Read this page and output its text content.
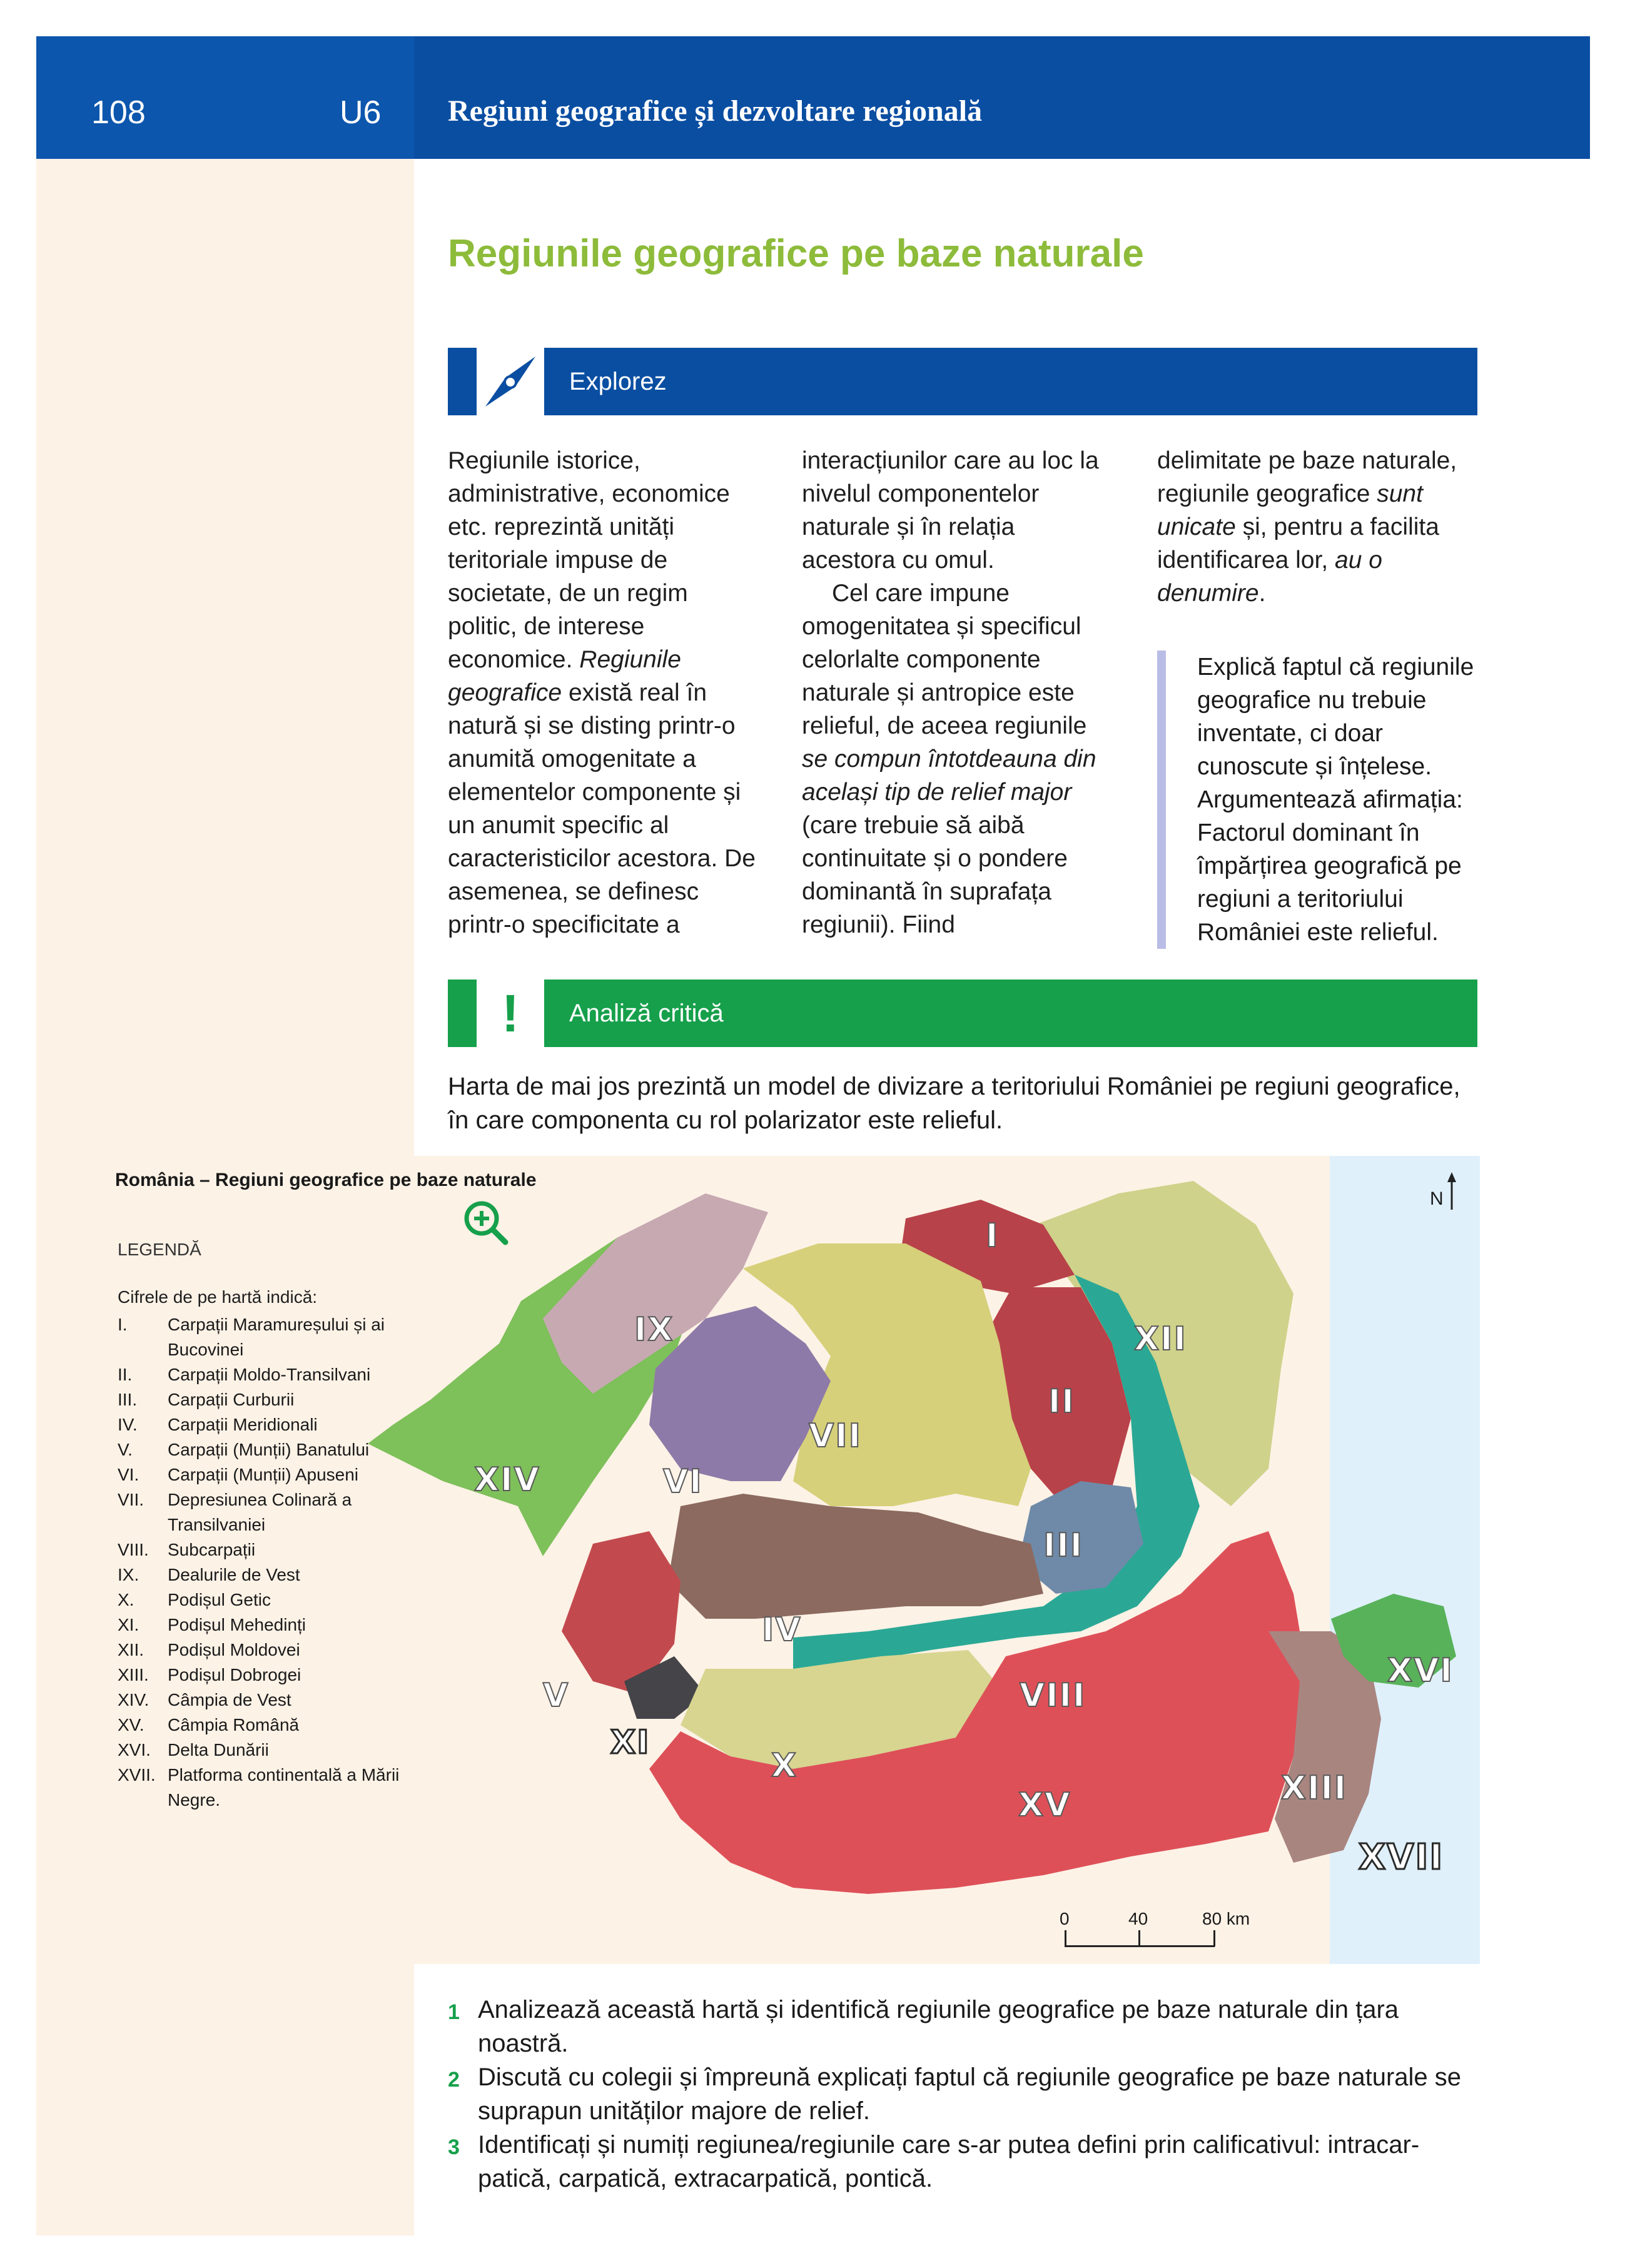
108	U6 Regiuni geografice și dezvoltare regională
Regiunile geografice pe baze naturale
Explorez

Regiunile istorice, administrative, economice etc. reprezintă unități teritoriale impuse de societate, de un regim politic, de interese economice. Regiunile geografice există real în natură și se disting printr-o anumită omogenitate a elementelor componente și un anumit specific al caracteristicilor acestora. De asemenea, se definesc printr-o specificitate a

interacțiunilor care au loc la nivelul componentelor naturale și în relația acestora cu omul.

Cel care impune omogenitatea și specificul celorlalte componente naturale și antropice este relieful, de aceea regiunile se compun întotdeauna din același tip de relief major (care trebuie să aibă continuitate și o pondere dominantă în suprafața regiunii). Fiind

delimitate pe baze naturale, regiunile geografice sunt unicate și, pentru a facilita identificarea lor, au o denumire.

Explică faptul că regiunile geografice nu trebuie inventate, ci doar cunoscute și înțelese. Argumentează afirmația: Factorul dominant în împărțirea geografică pe regiuni a teritoriului României este relieful.
!	Analiză critică
Harta de mai jos prezintă un model de divizare a teritoriului României pe regiuni geografice, în care componenta cu rol polarizator este relieful.
I
II
III
IV
V
VI
VII
VIII
IX
X
XI
XII
XIII
XIV
XV
XVI
XVII
România – Regiuni geografice pe baze naturale
N
LEGENDĂ
Cifrele de pe hartă indică:
I.	Carpații Maramureșului și ai Bucovinei
II.	Carpații Moldo-Transilvani
III.	Carpații Curburii
IV.	Carpații Meridionali
V.	Carpații (Munții) Banatului
VI.	Carpații (Munții) Apuseni
VII.	Depresiunea Colinară a Transilvaniei
VIII.	Subcarpații
IX.	Dealurile de Vest
X.	Podișul Getic
XI.	Podișul Mehedinți
XII.	Podișul Moldovei
XIII.	Podișul Dobrogei
XIV.	Câmpia de Vest
XV.	Câmpia Română
XVI. Delta Dunării
XVII. Platforma continentală a Mării Negre.
0	40	80 km
1 Analizează această hartă și identifică regiunile geografice pe baze naturale din țara noastră.
2 Discută cu colegii și împreună explicați faptul că regiunile geografice pe baze naturale se suprapun unităților majore de relief.
3 Identificați și numiți regiunea/regiunile care s-ar putea defini prin calificativul: intracar-patică, carpatică, extracarpatică, pontică.
